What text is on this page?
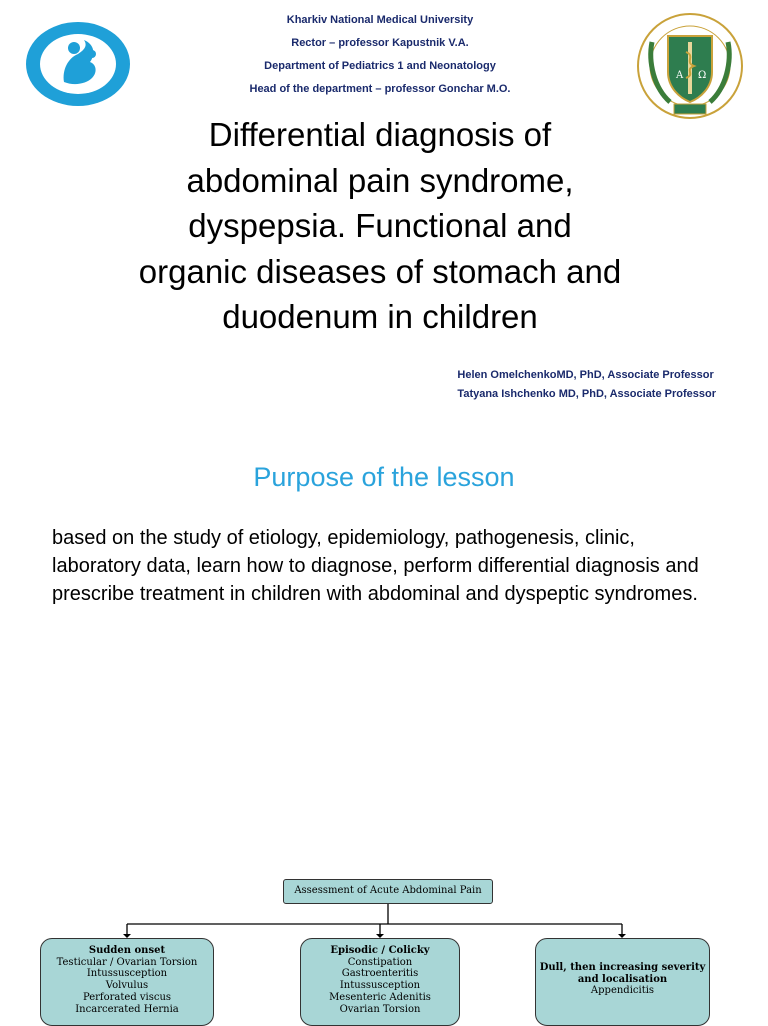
Kharkiv National Medical University
Rector – professor Kapustnik V.A.
Department of Pediatrics 1 and Neonatology
Head of the department – professor Gonchar M.O.
A Ω
Differential diagnosis of
abdominal pain syndrome,
dyspepsia. Functional and
organic diseases of stomach and
duodenum in children
Helen OmelchenkoMD, PhD, Associate Professor
Tatyana Ishchenko MD, PhD, Associate Professor
Purpose of the lesson
based on the study of etiology, epidemiology, pathogenesis, clinic, laboratory data, learn how to diagnose, perform differential diagnosis and prescribe treatment in children with abdominal and dyspeptic syndromes.
Assessment of Acute Abdominal Pain
Sudden onset
Testicular / Ovarian Torsion
Intussusception
Volvulus
Perforated viscus
Incarcerated Hernia
Episodic / Colicky
Constipation
Gastroenteritis
Intussusception
Mesenteric Adenitis
Ovarian Torsion
Dull, then increasing severity and localisation
Appendicitis
